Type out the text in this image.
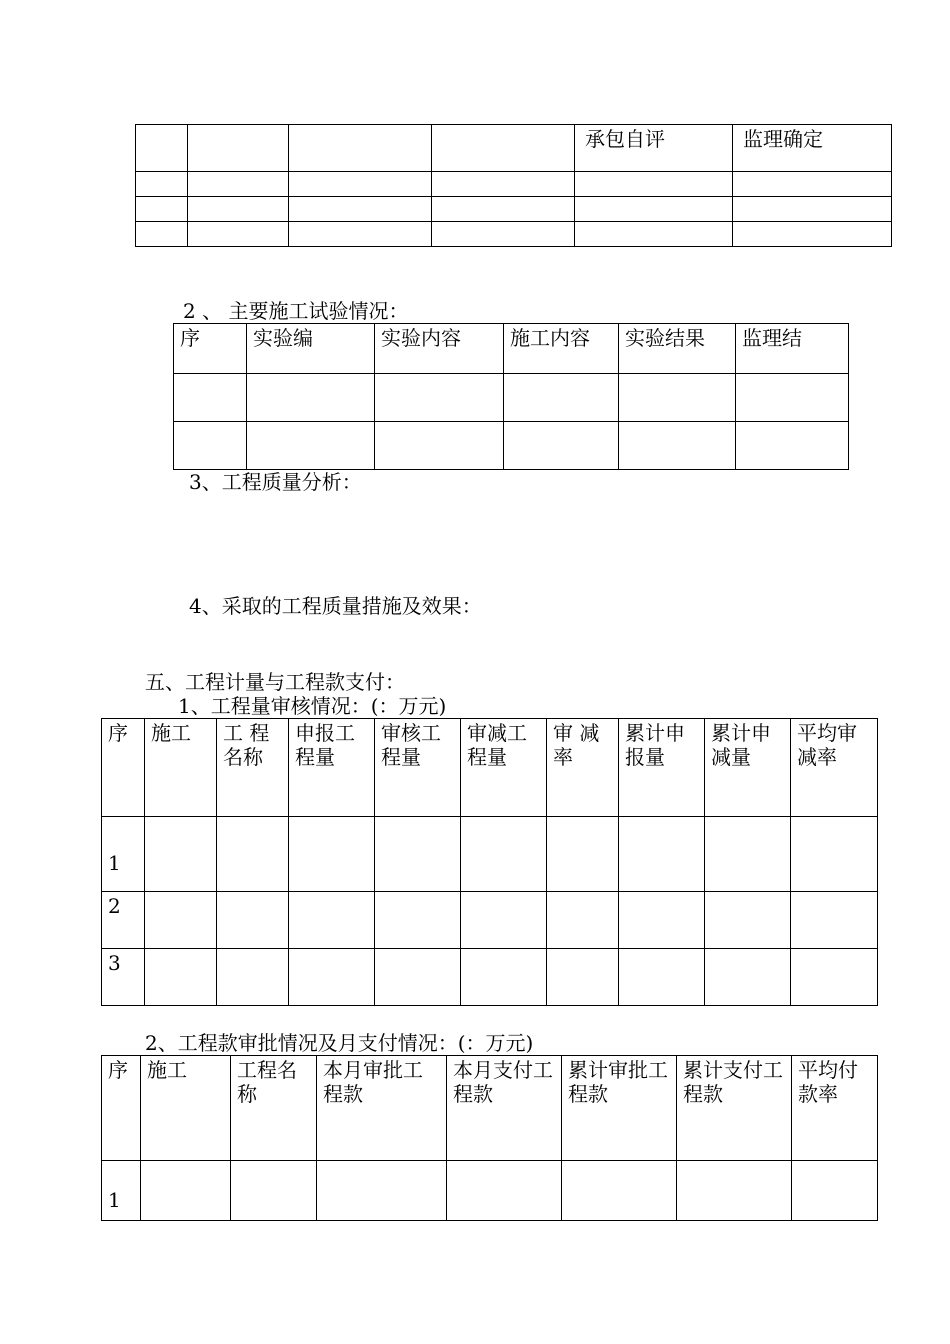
				承包自评	监理确定

2 、 主要施工试验情况：
序	实验编	实验内容	施工内容	实验结果	监理结

3、工程质量分析：
4、采取的工程质量措施及效果：
五、工程计量与工程款支付：
1、工程量审核情况：(：万元)
序	施工	工 程 名称	申报工程量	审核工程量	审减工程量	审 减 率	累计申报量	累计申减量	平均审减率
1									
2									
3									
2、工程款审批情况及月支付情况：(：万元)
序	施工	工程名称	本月审批工程款	本月支付工程款	累计审批工程款	累计支付工程款	平均付款率
1							
